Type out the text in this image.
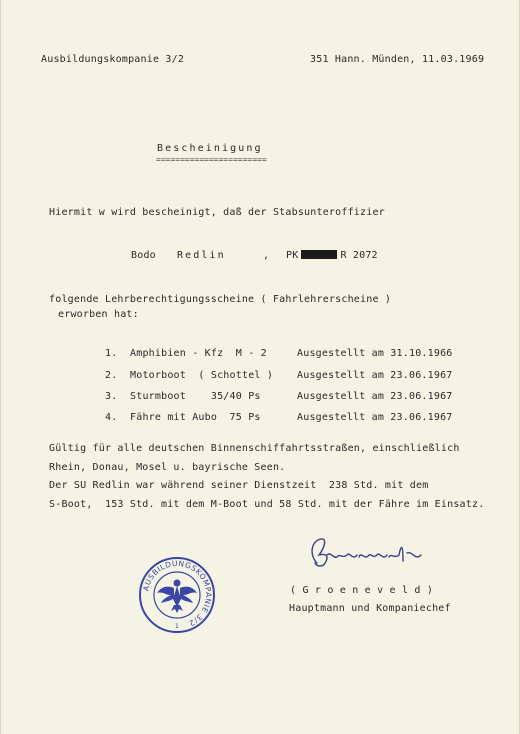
Ausbildungskompanie 3/2	351 Hann. Münden, 11.03.1969
Bescheinigung
=======================
Hiermit w wird bescheinigt, daß der Stabsunteroffizier
Bodo Redlin	, PK	R 2072
folgende Lehrberechtigungsscheine ( Fahrlehrerscheine )
erworben hat:
1. Amphibien - Kfz  M - 2	Ausgestellt am 31.10.1966
2. Motorboot  ( Schottel ) Ausgestellt am 23.06.1967
3. Sturmboot    35/40 Ps	Ausgestellt am 23.06.1967
4. Fähre mit Aubo  75 Ps	Ausgestellt am 23.06.1967
Gültig für alle deutschen Binnenschiffahrtsstraßen, einschließlich
Rhein, Donau, Mosel u. bayrische Seen.
Der SU Redlin war während seiner Dienstzeit  238 Std. mit dem
S-Boot,  153 Std. mit dem M-Boot und 58 Std. mit der Fähre im Einsatz.
( G r o e n e v e l d )
Hauptmann und Kompaniechef
AUSBILDUNGSKOMPANIE 3/2
1
